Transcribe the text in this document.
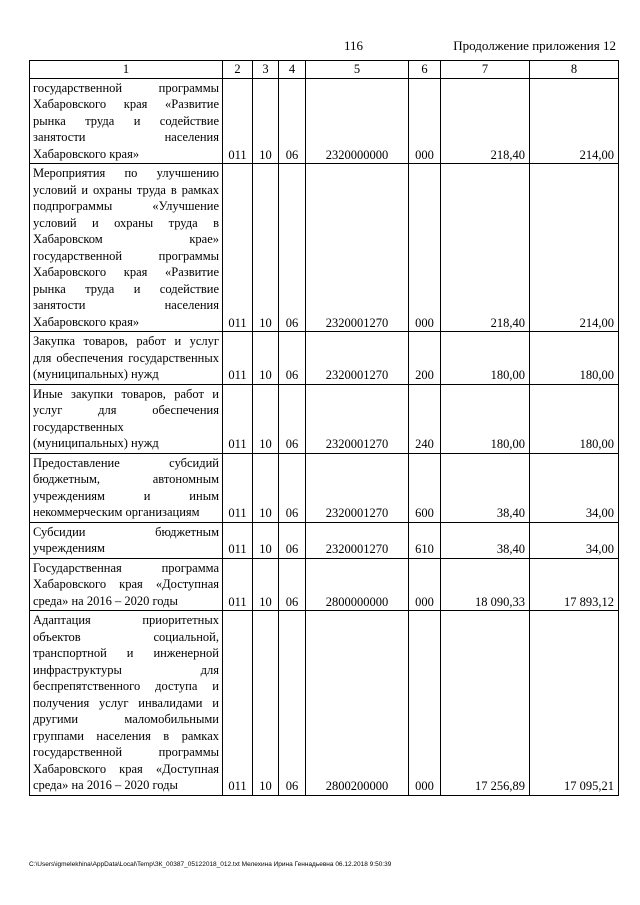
116	Продолжение приложения 12
1	2	3	4	5	6	7	8
государственной программы Хабаровского края «Развитие рынка труда и содействие занятости населения Хабаровского края»	011	10	06	2320000000	000	218,40	214,00
Мероприятия по улучшению условий и охраны труда в рамках подпрограммы «Улучшение условий и охраны труда в Хабаровском крае» государственной программы Хабаровского края «Развитие рынка труда и содействие занятости населения Хабаровского края»	011	10	06	2320001270	000	218,40	214,00
Закупка товаров, работ и услуг для обеспечения государственных (муниципальных) нужд	011	10	06	2320001270	200	180,00	180,00
Иные закупки товаров, работ и услуг для обеспечения государственных (муниципальных) нужд	011	10	06	2320001270	240	180,00	180,00
Предоставление субсидий бюджетным, автономным учреждениям и иным некоммерческим организациям	011	10	06	2320001270	600	38,40	34,00
Субсидии бюджетным учреждениям	011	10	06	2320001270	610	38,40	34,00
Государственная программа Хабаровского края «Доступная среда» на 2016 – 2020 годы	011	10	06	2800000000	000	18 090,33	17 893,12
Адаптация приоритетных объектов социальной, транспортной и инженерной инфраструктуры для беспрепятственного доступа и получения услуг инвалидами и другими маломобильными группами населения в рамках государственной программы Хабаровского края «Доступная среда» на 2016 – 2020 годы	011	10	06	2800200000	000	17 256,89	17 095,21
C:\Users\igmelekhina\AppData\Local\Temp\ЗК_00387_05122018_012.txt Мелехина Ирина Геннадьевна 06.12.2018 9:50:39
